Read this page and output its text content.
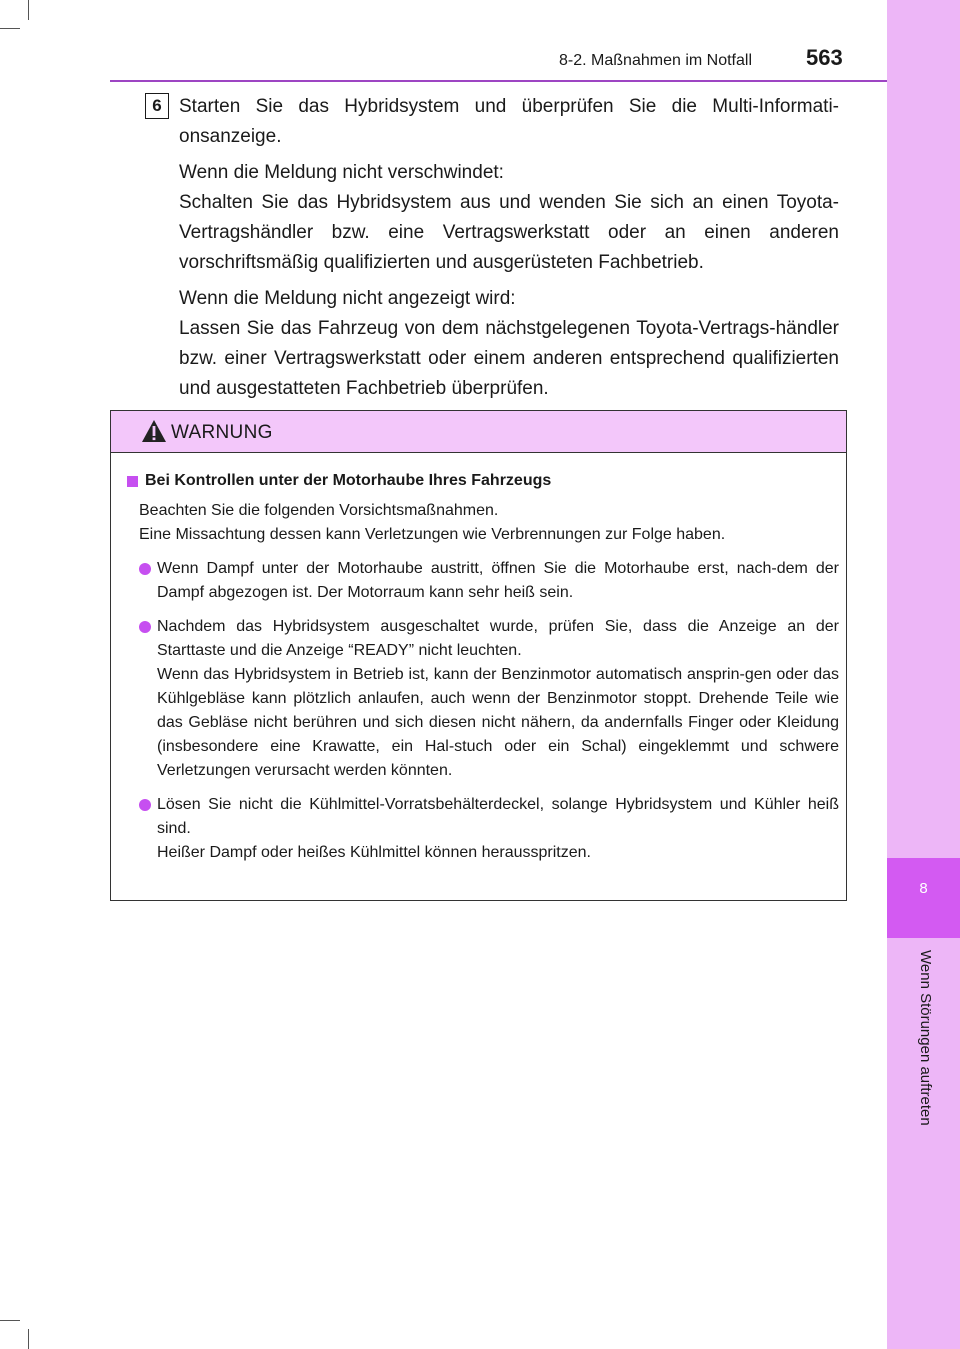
8
Wenn Störungen auftreten
8-2. Maßnahmen im Notfall 563
6 Starten Sie das Hybridsystem und überprüfen Sie die Multi-Informati-onsanzeige.

Wenn die Meldung nicht verschwindet:

Schalten Sie das Hybridsystem aus und wenden Sie sich an einen Toyota-Vertragshändler bzw. eine Vertragswerkstatt oder an einen anderen vorschriftsmäßig qualifizierten und ausgerüsteten Fachbetrieb.

Wenn die Meldung nicht angezeigt wird:

Lassen Sie das Fahrzeug von dem nächstgelegenen Toyota-Vertrags-händler bzw. einer Vertragswerkstatt oder einem anderen entsprechend qualifizierten und ausgestatteten Fachbetrieb überprüfen.

WARNUNG
Bei Kontrollen unter der Motorhaube Ihres Fahrzeugs
Beachten Sie die folgenden Vorsichtsmaßnahmen.
Eine Missachtung dessen kann Verletzungen wie Verbrennungen zur Folge haben.
Wenn Dampf unter der Motorhaube austritt, öffnen Sie die Motorhaube erst, nach-dem der Dampf abgezogen ist. Der Motorraum kann sehr heiß sein.
Nachdem das Hybridsystem ausgeschaltet wurde, prüfen Sie, dass die Anzeige an der Starttaste und die Anzeige “READY” nicht leuchten.
Wenn das Hybridsystem in Betrieb ist, kann der Benzinmotor automatisch ansprin-gen oder das Kühlgebläse kann plötzlich anlaufen, auch wenn der Benzinmotor stoppt. Drehende Teile wie das Gebläse nicht berühren und sich diesen nicht nähern, da andernfalls Finger oder Kleidung (insbesondere eine Krawatte, ein Hal-stuch oder ein Schal) eingeklemmt und schwere Verletzungen verursacht werden könnten.
Lösen Sie nicht die Kühlmittel-Vorratsbehälterdeckel, solange Hybridsystem und Kühler heiß sind.
Heißer Dampf oder heißes Kühlmittel können herausspritzen.
